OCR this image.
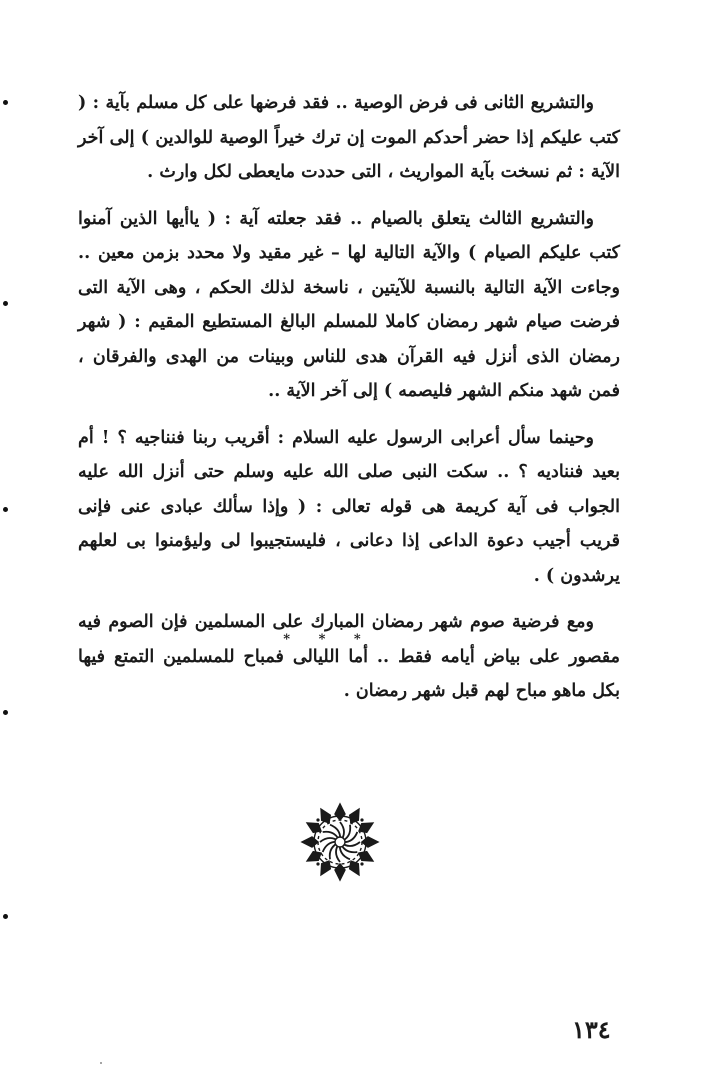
والتشريع الثانى فى فرض الوصية .. فقد فرضها على كل مسلم بآية : ( كتب عليكم إذا حضر أحدكم الموت إن ترك خيراً الوصية للوالدين ) إلى آخر الآية : ثم نسخت بآية المواريث ، التى حددت مايعطى لكل وارث .

والتشريع الثالث يتعلق بالصيام .. فقد جعلته آية : ( ياأيها الذين آمنوا كتب عليكم الصيام ) والآية التالية لها – غير مقيد ولا محدد بزمن معين .. وجاءت الآية التالية بالنسبة للآيتين ، ناسخة لذلك الحكم ، وهى الآية التى فرضت صيام شهر رمضان كاملا للمسلم البالغ المستطيع المقيم : ( شهر رمضان الذى أنزل فيه القرآن هدى للناس وبينات من الهدى والفرقان ، فمن شهد منكم الشهر فليصمه ) إلى آخر الآية ..

وحينما سأل أعرابى الرسول عليه السلام : أقريب ربنا فنناجيه ؟ ! أم بعيد فنناديه ؟ .. سكت النبى صلى الله عليه وسلم حتى أنزل الله عليه الجواب فى آية كريمة هى قوله تعالى : ( وإذا سألك عبادى عنى فإنى قريب أجيب دعوة الداعى إذا دعانى ، فليستجيبوا لى وليؤمنوا بى لعلهم يرشدون ) .

ومع فرضية صوم شهر رمضان المبارك على المسلمين فإن الصوم فيه مقصور على بياض أيامه فقط .. أما الليالى فمباح للمسلمين التمتع فيها بكل ماهو مباح لهم قبل شهر رمضان .

* * *
١٣٤
